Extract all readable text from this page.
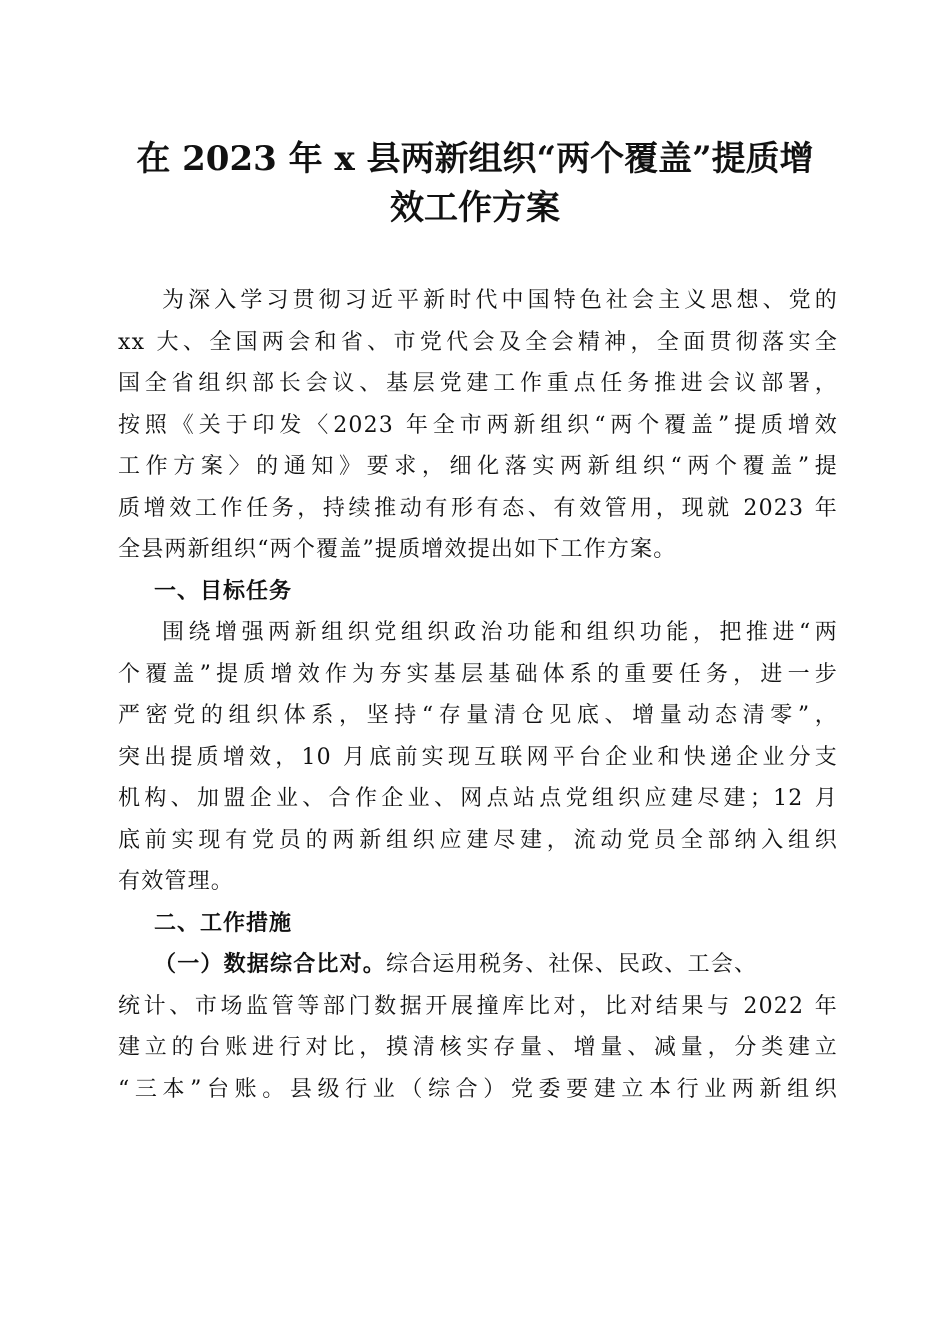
在 2023 年 x 县两新组织“两个覆盖”提质增
效工作方案
为深入学习贯彻习近平新时代中国特色社会主义思想、党的
xx 大、全国两会和省、市党代会及全会精神，全面贯彻落实全
国全省组织部长会议、基层党建工作重点任务推进会议部署，
按照《关于印发〈2023 年全市两新组织“两个覆盖”提质增效
工作方案〉的通知》要求，细化落实两新组织“两个覆盖”提
质增效工作任务，持续推动有形有态、有效管用，现就 2023 年
全县两新组织“两个覆盖”提质增效提出如下工作方案。
一、目标任务
围绕增强两新组织党组织政治功能和组织功能，把推进“两
个覆盖”提质增效作为夯实基层基础体系的重要任务，进一步
严密党的组织体系，坚持“存量清仓见底、增量动态清零”，
突出提质增效，10 月底前实现互联网平台企业和快递企业分支
机构、加盟企业、合作企业、网点站点党组织应建尽建；12 月
底前实现有党员的两新组织应建尽建，流动党员全部纳入组织
有效管理。
二、工作措施
（一）数据综合比对。综合运用税务、社保、民政、工会、
统计、市场监管等部门数据开展撞库比对，比对结果与 2022 年
建立的台账进行对比，摸清核实存量、增量、减量，分类建立
“三本”台账。县级行业（综合）党委要建立本行业两新组织
